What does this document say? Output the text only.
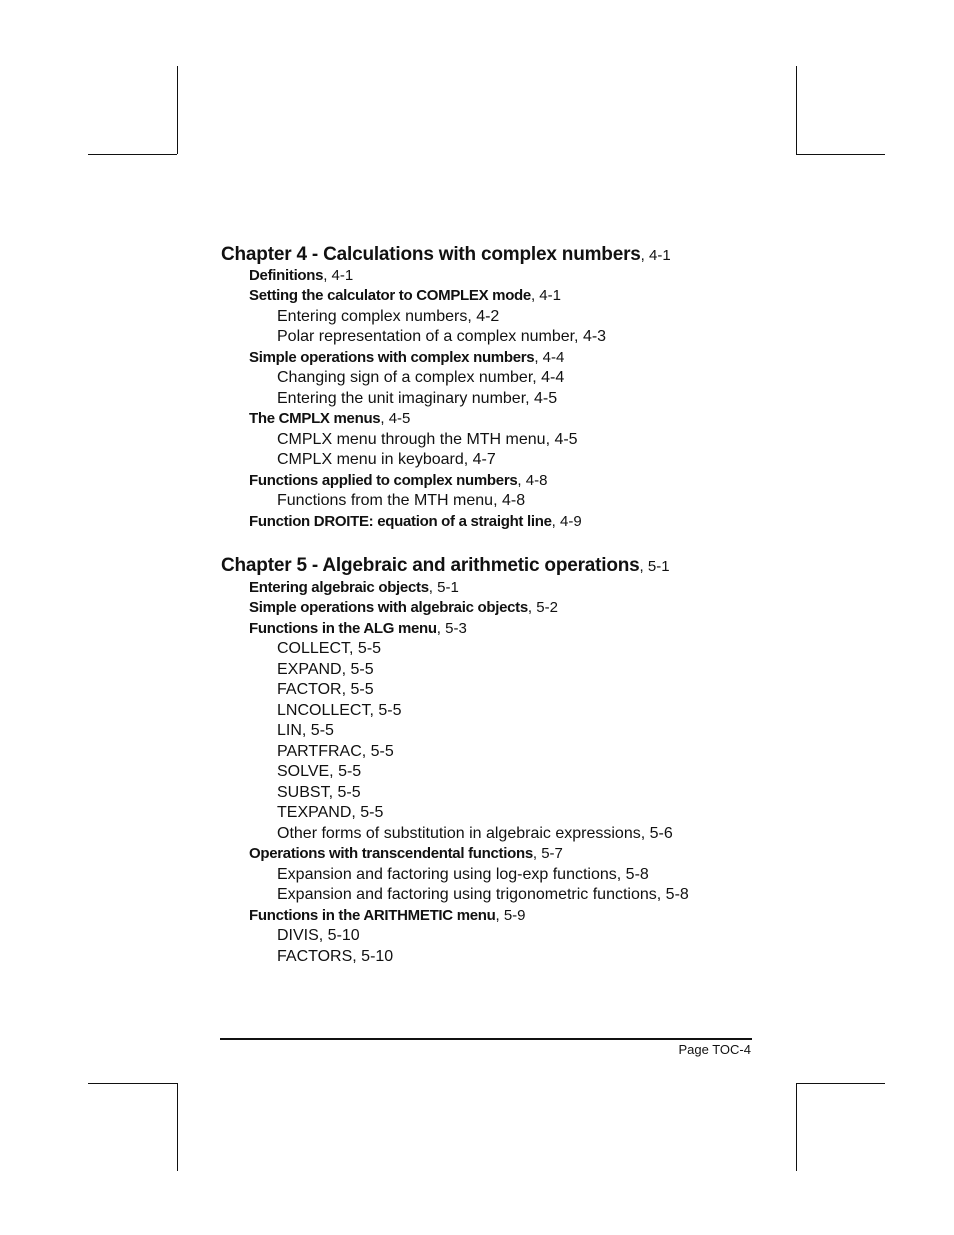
Chapter 4 - Calculations with complex numbers, 4-1
Definitions, 4-1
Setting the calculator to COMPLEX mode, 4-1
Entering complex numbers, 4-2
Polar representation of a complex number, 4-3
Simple operations with complex numbers, 4-4
Changing sign of a complex number, 4-4
Entering the unit imaginary number, 4-5
The CMPLX menus, 4-5
CMPLX menu through the MTH menu, 4-5
CMPLX menu in keyboard, 4-7
Functions applied to complex numbers, 4-8
Functions from the MTH menu, 4-8
Function DROITE: equation of a straight line, 4-9
Chapter 5 - Algebraic and arithmetic operations, 5-1
Entering algebraic objects, 5-1
Simple operations with algebraic objects, 5-2
Functions in the ALG menu, 5-3
COLLECT, 5-5
EXPAND, 5-5
FACTOR, 5-5
LNCOLLECT, 5-5
LIN, 5-5
PARTFRAC, 5-5
SOLVE, 5-5
SUBST, 5-5
TEXPAND, 5-5
Other forms of substitution in algebraic expressions, 5-6
Operations with transcendental functions, 5-7
Expansion and factoring using log-exp functions, 5-8
Expansion and factoring using trigonometric functions, 5-8
Functions in the ARITHMETIC menu, 5-9
DIVIS, 5-10
FACTORS, 5-10
Page TOC-4
